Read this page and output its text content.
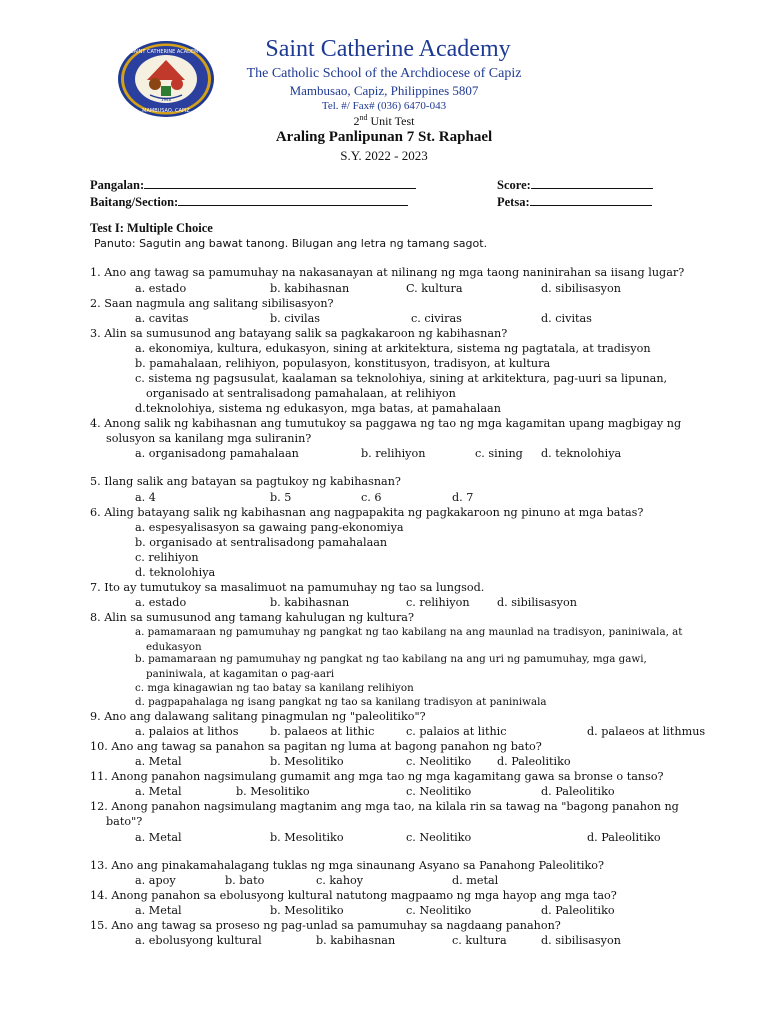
SAINT CATHERINE ACADEMY
MAMBUSAO, CAPIZ
1948
Saint Catherine Academy
The Catholic School of the Archdiocese of Capiz
Mambusao, Capiz, Philippines 5807
Tel. #/ Fax# (036) 6470-043
2nd Unit Test
Araling Panlipunan 7 St. Raphael
S.Y. 2022 - 2023
Pangalan:
Baitang/Section:
Score:
Petsa:
Test I: Multiple Choice
Panuto: Sagutin ang bawat tanong. Bilugan ang letra ng tamang sagot.
1. Ano ang tawag sa pamumuhay na nakasanayan at nilinang ng mga taong naninirahan sa iisang lugar?
a. estado	b. kabihasnan	C. kultura	d. sibilisasyon
2. Saan nagmula ang salitang sibilisasyon?
a. cavitas	b. civilas	c. civiras	d. civitas
3. Alin sa sumusunod ang batayang salik sa pagkakaroon ng kabihasnan?
a. ekonomiya, kultura, edukasyon, sining at arkitektura, sistema ng pagtatala, at tradisyon
b. pamahalaan, relihiyon, populasyon, konstitusyon, tradisyon, at kultura
c. sistema ng pagsusulat, kaalaman sa teknolohiya, sining at arkitektura, pag-uuri sa lipunan,
organisado at sentralisadong pamahalaan, at relihiyon
d.teknolohiya, sistema ng edukasyon, mga batas, at pamahalaan
4. Anong salik ng kabihasnan ang tumutukoy sa paggawa ng tao ng mga kagamitan upang magbigay ng
solusyon sa kanilang mga suliranin?
a. organisadong pamahalaan	b. relihiyon	c. sining d. teknolohiya
5. Ilang salik ang batayan sa pagtukoy ng kabihasnan?
a. 4	b. 5	c. 6	d. 7
6. Aling batayang salik ng kabihasnan ang nagpapakita ng pagkakaroon ng pinuno at mga batas?
a. espesyalisasyon sa gawaing pang-ekonomiya
b. organisado at sentralisadong pamahalaan
c. relihiyon
d. teknolohiya
7. Ito ay tumutukoy sa masalimuot na pamumuhay ng tao sa lungsod.
a. estado	b. kabihasnan	c. relihiyon d. sibilisasyon
8. Alin sa sumusunod ang tamang kahulugan ng kultura?
a. pamamaraan ng pamumuhay ng pangkat ng tao kabilang na ang maunlad na tradisyon, paniniwala, at
edukasyon
b. pamamaraan ng pamumuhay ng pangkat ng tao kabilang na ang uri ng pamumuhay, mga gawi,
paniniwala, at kagamitan o pag-aari
c. mga kinagawian ng tao batay sa kanilang relihiyon
d. pagpapahalaga ng isang pangkat ng tao sa kanilang tradisyon at paniniwala
9. Ano ang dalawang salitang pinagmulan ng "paleolitiko"?
a. palaios at lithos	b. palaeos at lithic	c. palaios at lithic	d. palaeos at lithmus
10. Ano ang tawag sa panahon sa pagitan ng luma at bagong panahon ng bato?
a. Metal	b. Mesolitiko	c. Neolitiko d. Paleolitiko
11. Anong panahon nagsimulang gumamit ang mga tao ng mga kagamitang gawa sa bronse o tanso?
a. Metal	b. Mesolitiko	c. Neolitiko	d. Paleolitiko
12. Anong panahon nagsimulang magtanim ang mga tao, na kilala rin sa tawag na "bagong panahon ng
bato"?
a. Metal	b. Mesolitiko	c. Neolitiko	d. Paleolitiko
13. Ano ang pinakamahalagang tuklas ng mga sinaunang Asyano sa Panahong Paleolitiko?
a. apoy	b. bato	c. kahoy	d. metal
14. Anong panahon sa ebolusyong kultural natutong magpaamo ng mga hayop ang mga tao?
a. Metal	b. Mesolitiko	c. Neolitiko	d. Paleolitiko
15. Ano ang tawag sa proseso ng pag-unlad sa pamumuhay sa nagdaang panahon?
a. ebolusyong kultural	b. kabihasnan	c. kultura	d. sibilisasyon
